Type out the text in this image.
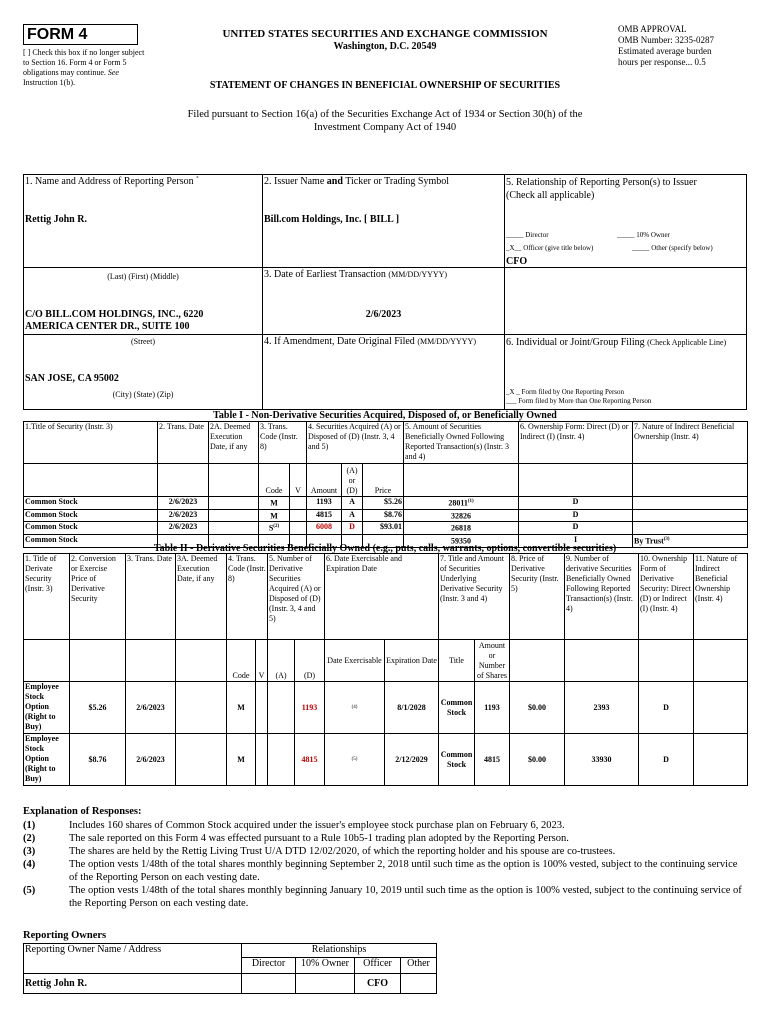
FORM 4
[ ] Check this box if no longer subject to Section 16. Form 4 or Form 5 obligations may continue. See Instruction 1(b).
UNITED STATES SECURITIES AND EXCHANGE COMMISSION
Washington, D.C. 20549
STATEMENT OF CHANGES IN BENEFICIAL OWNERSHIP OF SECURITIES
OMB APPROVAL
OMB Number: 3235-0287
Estimated average burden
hours per response... 0.5
Filed pursuant to Section 16(a) of the Securities Exchange Act of 1934 or Section 30(h) of the
Investment Company Act of 1940
1. Name and Address of Reporting Person *
Rettig John R.
(Last) (First) (Middle)
C/O BILL.COM HOLDINGS, INC., 6220
AMERICA CENTER DR., SUITE 100
(Street)
SAN JOSE, CA 95002
(City) (State) (Zip)
2. Issuer Name and Ticker or Trading Symbol
Bill.com Holdings, Inc. [ BILL ]
3. Date of Earliest Transaction (MM/DD/YYYY)
2/6/2023
4. If Amendment, Date Original Filed (MM/DD/YYYY)
5. Relationship of Reporting Person(s) to Issuer
(Check all applicable)
_____ Director	_____ 10% Owner
_X__ Officer (give title below)	_____ Other (specify below)
CFO
6. Individual or Joint/Group Filing (Check Applicable Line)
_X _ Form filed by One Reporting Person
___ Form filed by More than One Reporting Person
Table I - Non-Derivative Securities Acquired, Disposed of, or Beneficially Owned
1.Title of Security (Instr. 3)	2. Trans. Date	2A. Deemed Execution Date, if any	3. Trans. Code (Instr. 8)		4. Securities Acquired (A) or Disposed of (D) (Instr. 3, 4 and 5)			5. Amount of Securities Beneficially Owned Following Reported Transaction(s) (Instr. 3 and 4)	6. Ownership Form: Direct (D) or Indirect (I) (Instr. 4)	7. Nature of Indirect Beneficial Ownership (Instr. 4)
			Code	V	Amount	(A) or (D)	Price			
Common Stock	2/6/2023		M		1193	A	$5.26	28011$^{(1)}$	D	
Common Stock	2/6/2023		M		4815	A	$8.76	32826	D	
Common Stock	2/6/2023		$S^{(2)}$		6008	D	$93.01	26818	D	
Common Stock								59350	I	By Trust$^{(3)}$
Table II - Derivative Securities Beneficially Owned (e.g., puts, calls, warrants, options, convertible securities)
1. Title of Derivate Security (Instr. 3)	2. Conversion or Exercise Price of Derivative Security	3. Trans. Date	3A. Deemed Execution Date, if any	4. Trans. Code (Instr. 8)		5. Number of Derivative Securities Acquired (A) or Disposed of (D) (Instr. 3, 4 and 5)		6. Date Exercisable and Expiration Date		7. Title and Amount of Securities Underlying Derivative Security (Instr. 3 and 4)		8. Price of Derivative Security (Instr. 5)	9. Number of derivative Securities Beneficially Owned Following Reported Transaction(s) (Instr. 4)	10. Ownership Form of Derivative Security: Direct (D) or Indirect (I) (Instr. 4)	11. Nature of Indirect Beneficial Ownership (Instr. 4)
				Code	V	(A)	(D)	Date Exercisable	Expiration Date	Title	Amount or Number of Shares				
Employee Stock Option (Right to Buy)	$5.26	2/6/2023		M			1193	(4)	8/1/2028	Common Stock	1193	$0.00	2393	D	
Employee Stock Option (Right to Buy)	$8.76	2/6/2023		M			4815	(5)	2/12/2029	Common Stock	4815	$0.00	33930	D	
Explanation of Responses:
(1)	Includes 160 shares of Common Stock acquired under the issuer's employee stock purchase plan on February 6, 2023.
(2)	The sale reported on this Form 4 was effected pursuant to a Rule 10b5-1 trading plan adopted by the Reporting Person.
(3)	The shares are held by the Rettig Living Trust U/A DTD 12/02/2020, of which the reporting holder and his spouse are co-trustees.
(4)	The option vests 1/48th of the total shares monthly beginning September 2, 2018 until such time as the option is 100% vested, subject to the continuing service of the Reporting Person on each vesting date.
(5)	The option vests 1/48th of the total shares monthly beginning January 10, 2019 until such time as the option is 100% vested, subject to the continuing service of the Reporting Person on each vesting date.
Reporting Owners
Reporting Owner Name / Address	Relationships			
	Director	10% Owner	Officer	Other
Rettig John R.			CFO	
